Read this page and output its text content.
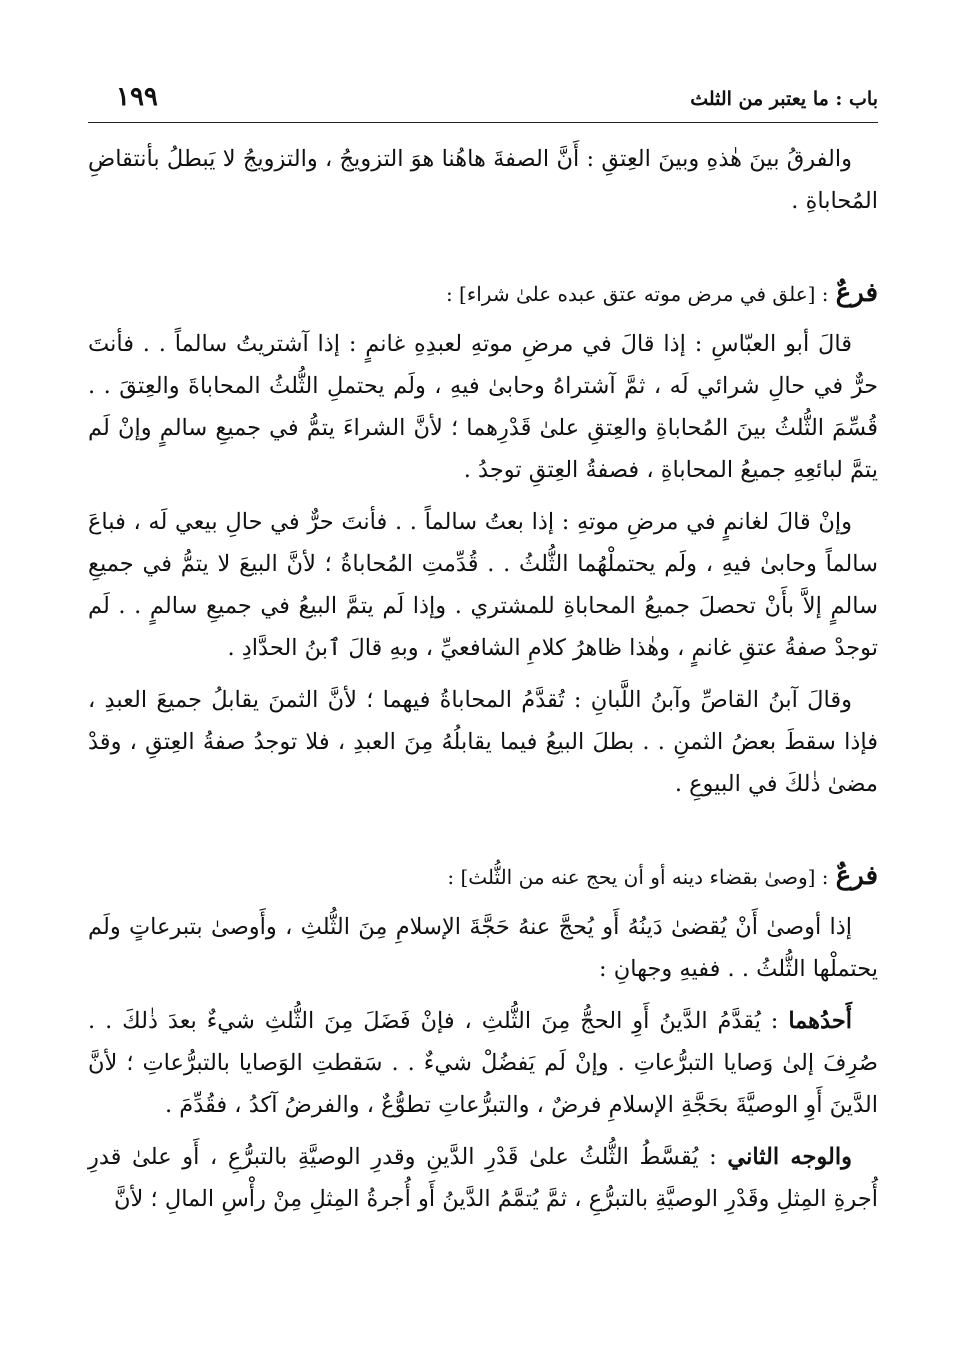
باب : ما يعتبر من الثلث
١٩٩

والفرقُ بينَ هٰذهِ وبينَ العِتقِ : أَنَّ الصفةَ هاهُنا هوَ التزويجُ ، والتزويجُ لا يَبطلُ بأنتقاضِ المُحاباةِ .

فرعٌ : [علق في مرض موته عتق عبده علىٰ شراء] :

قالَ أبو العبّاسِ : إذا قالَ في مرضِ موتهِ لعبدِهِ غانمٍ : إذا آشتريتُ سالماً . . فأنتَ حرٌّ في حالِ شرائي لَه ، ثمَّ آشتراهُ وحابىٰ فيهِ ، ولَم يحتملِ الثُّلثُ المحاباةَ والعِتقَ . . قُسِّمَ الثُّلثُ بينَ المُحاباةِ والعِتقِ علىٰ قَدْرِهما ؛ لأنَّ الشراءَ يتمُّ في جميعِ سالمٍ وإنْ لَم يتمَّ لبائعِهِ جميعُ المحاباةِ ، فصفةُ العِتقِ توجدُ .

وإنْ قالَ لغانمٍ في مرضِ موتهِ : إذا بعتُ سالماً . . فأنتَ حرٌّ في حالِ بيعي لَه ، فباعَ سالماً وحابىٰ فيهِ ، ولَم يحتملْهُما الثُّلثُ . . قُدِّمتِ المُحاباةُ ؛ لأنَّ البيعَ لا يتمُّ في جميعِ سالمٍ إلاَّ بأَنْ تحصلَ جميعُ المحاباةِ للمشتري . وإذا لَم يتمَّ البيعُ في جميعِ سالمٍ . . لَم توجدْ صفةُ عتقِ غانمٍ ، وهٰذا ظاهرُ كلامِ الشافعيِّ ، وبهِ قالَ ٱبنُ الحدَّادِ .

وقالَ آبنُ القاصِّ وآبنُ اللَّبانِ : تُقدَّمُ المحاباةُ فيهما ؛ لأنَّ الثمنَ يقابلُ جميعَ العبدِ ، فإذا سقطَ بعضُ الثمنِ . . بطلَ البيعُ فيما يقابلُهُ مِنَ العبدِ ، فلا توجدُ صفةُ العِتقِ ، وقدْ مضىٰ ذٰلكَ في البيوعِ .

فرعٌ : [وصىٰ بقضاء دينه أو أن يحج عنه من الثُّلث] :

إذا أوصىٰ أَنْ يُقضىٰ دَينُهُ أَو يُحجَّ عنهُ حَجَّةَ الإسلامِ مِنَ الثُّلثِ ، وأَوصىٰ بتبرعاتٍ ولَم يحتملْها الثُّلثُ . . ففيهِ وجهانِ :

أَحدُهما : يُقدَّمُ الدَّينُ أَوِ الحجُّ مِنَ الثُّلثِ ، فإنْ فَضَلَ مِنَ الثُّلثِ شيءٌ بعدَ ذٰلكَ . . صُرِفَ إلىٰ وَصايا التبرُّعاتِ . وإنْ لَم يَفضُلْ شيءٌ . . سَقطتِ الوَصايا بالتبرُّعاتِ ؛ لأنَّ الدَّينَ أَوِ الوصيَّةَ بحَجَّةِ الإسلامِ فرضٌ ، والتبرُّعاتِ تطوُّعٌ ، والفرضُ آكدُ ، فقُدِّمَ .

والوجه الثاني : يُقسَّطُ الثُّلثُ علىٰ قَدْرِ الدَّينِ وقدرِ الوصيَّةِ بالتبرُّعِ ، أَو علىٰ قدرِ أُجرةِ المِثلِ وقَدْرِ الوصيَّةِ بالتبرُّعِ ، ثمَّ يُتمَّمُ الدَّينُ أَو أُجرةُ المِثلِ مِنْ رأْسِ المالِ ؛ لأنَّ
